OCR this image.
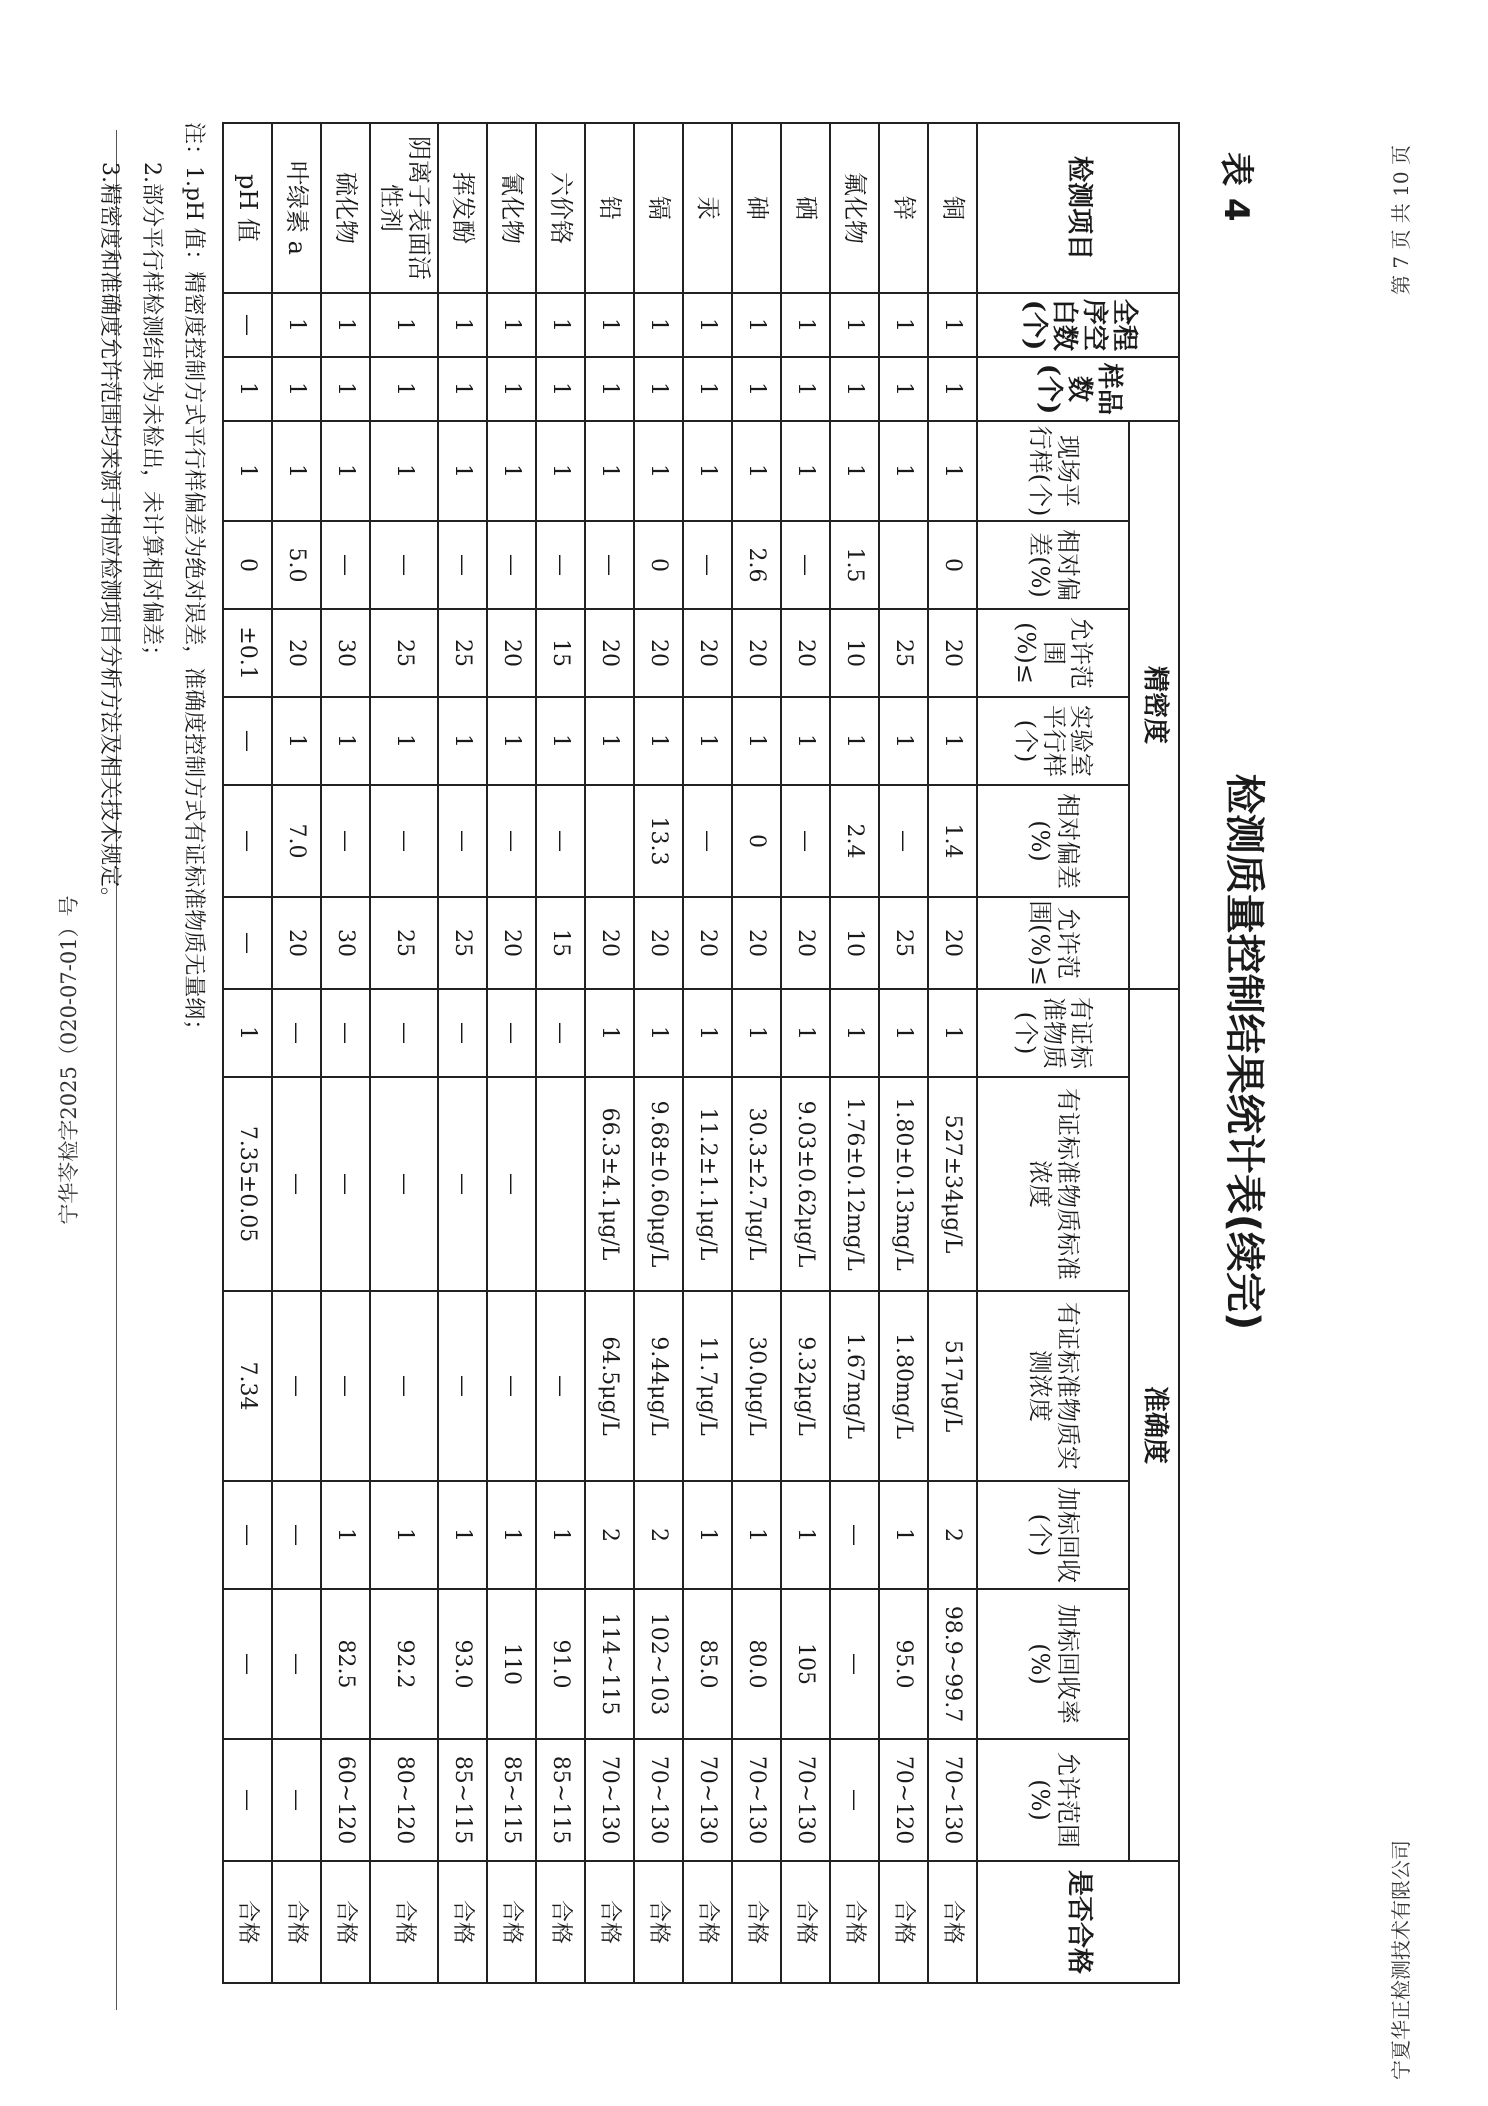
宁华苓检字2025（020-07-01）号
第 7 页 共 10 页
宁夏华正检测技术有限公司
表 4
检测质量控制结果统计表(续完)
检测项目	全程序空白数(个)	样品数(个)	精密度						准确度						是否合格
			现场平行样(个)	相对偏差(%)	允许范围(%)≤	实验室平行样(个)	相对偏差(%)	允许范围(%)≤	有证标准物质(个)	有证标准物质标准浓度	有证标准物质实测浓度	加标回收(个)	加标回收率(%)	允许范围(%)	
铜	1	1	1	0	20	1	1.4	20	1	527±34μg/L	517μg/L	2	98.9~99.7	70~130	合格
锌	1	1	1		25	1	—	25	1	1.80±0.13mg/L	1.80mg/L	1	95.0	70~120	合格
氟化物	1	1	1	1.5	10	1	2.4	10	1	1.76±0.12mg/L	1.67mg/L	—	—	—	合格
硒	1	1	1	—	20	1	—	20	1	9.03±0.62μg/L	9.32μg/L	1	105	70~130	合格
砷	1	1	1	2.6	20	1	0	20	1	30.3±2.7μg/L	30.0μg/L	1	80.0	70~130	合格
汞	1	1	1	—	20	1	—	20	1	11.2±1.1μg/L	11.7μg/L	1	85.0	70~130	合格
镉	1	1	1	0	20	1	13.3	20	1	9.68±0.60μg/L	9.44μg/L	2	102~103	70~130	合格
铅	1	1	1	—	20	1		20	1	66.3±4.1μg/L	64.5μg/L	2	114~115	70~130	合格
六价铬	1	1	1	—	15	1	—	15	—		—	1	91.0	85~115	合格
氰化物	1	1	1	—	20	1	—	20	—	—	—	1	110	85~115	合格
挥发酚	1	1	1	—	25	1	—	25	—	—	—	1	93.0	85~115	合格
阴离子表面活性剂	1	1	1	—	25	1	—	25	—	—	—	1	92.2	80~120	合格
硫化物	1	1	1	—	30	1	—	30	—	—	—	1	82.5	60~120	合格
叶绿素 a	1	1	1	5.0	20	1	7.0	20	—	—	—	—	—	—	合格
pH 值	—	1	1	0	±0.1	—	—	—	1	7.35±0.05	7.34	—	—	—	合格
注：1.pH 值：精密度控制方式平行样偏差为绝对误差，准确度控制方式有证标准物质无量纲；
2.部分平行样检测结果为未检出，未计算相对偏差；
3.精密度和准确度允许范围均来源于相应检测项目分析方法及相关技术规定。
